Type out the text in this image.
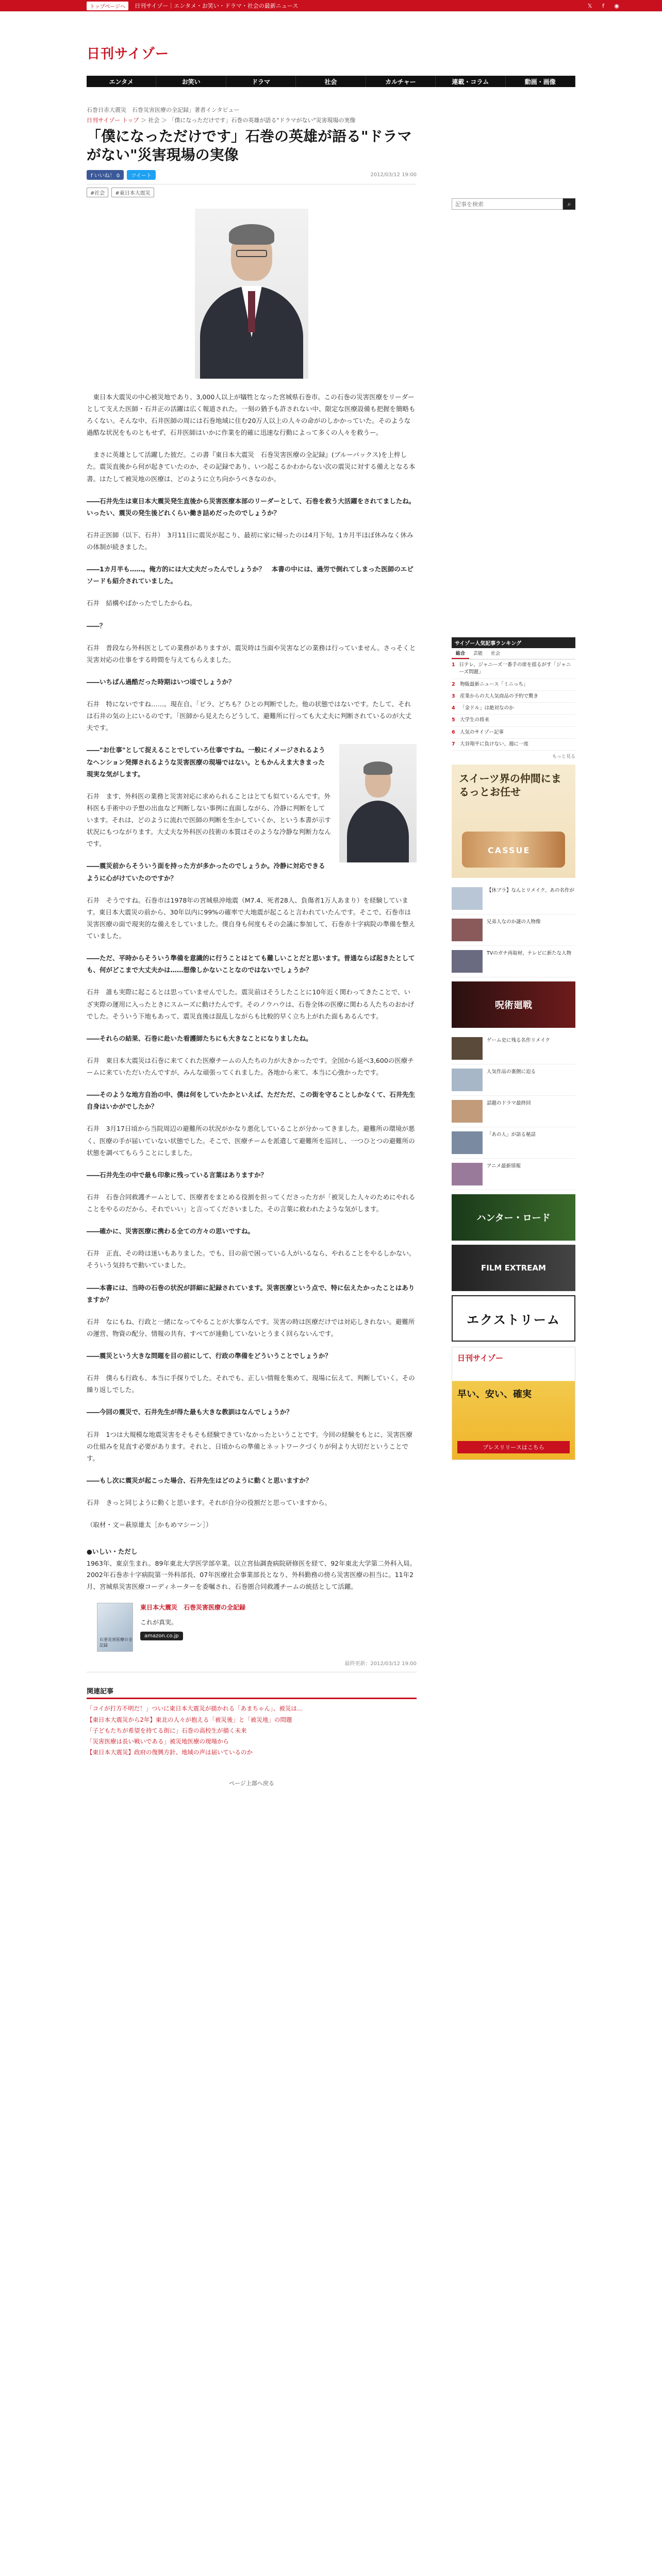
トップページへ	日刊サイゾー｜エンタメ・お笑い・ドラマ・社会の最新ニュース	𝕏	f	◉
日刊サイゾー
エンタメ	お笑い	ドラマ	社会	カルチャー	連載・コラム	動画・画像
石巻日赤大震災　石巻災害医療の全記録」著者インタビュー
日刊サイゾー トップ ＞ 社会 ＞ 「僕になっただけです」石巻の英雄が語る"ドラマがない"災害現場の実像
「僕になっただけです」石巻の英雄が語る"ドラマがない"災害現場の実像
f いいね！ 0	ツイート	2012/03/12 19:00
#社会	#東日本大震災

　東日本大震災の中心被災地であり、3,000人以上が犠牲となった宮城県石巻市。この石巻の災害医療をリーダーとして支えた医師・石井正の活躍は広く報道された。一刻の猶予も許されない中、限定な医療設備も把握を簡略もろくない。そんな中、石井医師の周には石巻地域に住む20万人以上の人々の命がのしかかっていた。そのような過酷な状況をものともせず、石井医師はいかに作業を的確に迅速な行動によって多くの人々を救うー。

　まさに英雄として活躍した彼だ。この書『東日本大震災　石巻災害医療の全記録』(ブルーバックス)を上梓した。震災直後から何が起きていたのか、その記録であり、いつ起こるかわからない次の震災に対する備えとなる本書。はたして被災地の医療は、どのように立ち向かうべきなのか。

――石井先生は東日本大震災発生直後から災害医療本部のリーダーとして、石巻を救う大活躍をされてましたね。いったい、震災の発生後どれくらい働き詰めだったのでしょうか？

石井正医師（以下、石井）　3月11日に震災が起こり、最初に家に帰ったのは4月下旬。1カ月半ほぼ休みなく休みの体制が続きました。

――1カ月半も……。俺方的には大丈夫だったんでしょうか？　本書の中には、過労で倒れてしまった医師のエピソードも紹介されていました。

石井　結構やばかったでしたからね。

――？

石井　普段なら外科医としての業務がありますが、震災時は当面や災害などの業務は行っていません。さっそくと災害対応の仕事をする時間を与えてもらえました。

――いちばん過酷だった時期はいつ頃でしょうか？

石井　特にないですね……。現在自、「ピラ、どちも？ひとの判断でした。他の状態ではないです。たして、それは石井の気の上にいるのです。「医師から見えたらどうして、避難所に行っても大丈夫に判断されているのが大丈夫です。

――"お仕事"として捉えることでしていろ仕事ですね。一般にイメージされるようなヘンション発揮されるような災害医療の現場ではない。ともかんえま大きまった現実な気がします。

石井　ます、外科医の業務と災害対応に求められることはとても似ているんです。外科医も手術中の予想の出血など判断しない事例に直面しながら、冷静に判断をしています。それは、どのように流れで医師の判断を生かしていくか、という本書が示す状況にもつながります。大丈夫な外科医の技術の本質はそのような冷静な判断力なんです。

――震災前からそういう面を持った方が多かったのでしょうか。冷静に対応できるように心がけていたのですか？

石井　そうですね。石巻市は1978年の宮城県沖地震（M7.4、死者28人、負傷者1万人あまり）を経験しています。東日本大震災の前から、30年以内に99%の確率で大地震が起こると言われていたんです。そこで、石巻市は災害医療の面で現実的な備えをしていました。僕自身も何度もその会議に参加して、石巻赤十字病院の準備を整えていました。

――ただ、平時からそういう準備を意識的に行うことはとても難しいことだと思います。普通ならば起きたとしても、何がどこまで大丈夫かは……想像しかないことなのではないでしょうか？

石井　誰も実際に起こるとは思っていませんでした。震災前はそうしたことに10年近く関わってきたことで、いざ実際の運用に入ったときにスムーズに動けたんです。そのノウハウは、石巻全体の医療に関わる人たちのおかげでした。そういう下地もあって、震災直後は混乱しながらも比較的早く立ち上がれた面もあるんです。

――それらの結果、石巻に赴いた看護師たちにも大きなことになりましたね。

石井　東日本大震災は石巻に来てくれた医療チームの人たちの力が大きかったです。全国から延べ3,600の医療チームに来ていただいたんですが、みんな頑張ってくれました。各地から来て、本当に心強かったです。

――そのような地方自治の中、僕は何をしていたかといえば、ただただ、この街を守ることしかなくて、石井先生自身はいかがでしたか？

石井　3月17日頃から当院周辺の避難所の状況がかなり悪化していることが分かってきました。避難所の環境が悪く、医療の手が届いていない状態でした。そこで、医療チームを派遣して避難所を巡回し、一つひとつの避難所の状態を調べてもらうことにしました。

――石井先生の中で最も印象に残っている言葉はありますか？

石井　石巻合同救護チームとして、医療者をまとめる役割を担ってくださった方が「被災した人々のためにやれることをやるのだから、それでいい」と言ってくださいました。その言葉に救われたような気がします。

――確かに、災害医療に携わる全ての方々の思いですね。

石井　正直、その時は迷いもありました。でも、目の前で困っている人がいるなら、やれることをやるしかない。そういう気持ちで動いていました。

――本書には、当時の石巻の状況が詳細に記録されています。災害医療という点で、特に伝えたかったことはありますか？

石井　なにもね、行政と一緒になってやることが大事なんです。災害の時は医療だけでは対応しきれない。避難所の運営、物資の配分、情報の共有、すべてが連動していないとうまく回らないんです。

――震災という大きな問題を目の前にして、行政の準備をどういうことでしょうか？

石井　僕らも行政も、本当に手探りでした。それでも、正しい情報を集めて、現場に伝えて、判断していく。その繰り返しでした。

――今回の震災で、石井先生が得た最も大きな教訓はなんでしょうか？

石井　1つは大規模な地震災害をそもそも経験できていなかったということです。今回の経験をもとに、災害医療の仕組みを見直す必要があります。それと、日頃からの準備とネットワークづくりが何より大切だということです。

――もし次に震災が起こった場合、石井先生はどのように動くと思いますか？

石井　きっと同じように動くと思います。それが自分の役割だと思っていますから。

（取材・文＝萩原雄太［かもめマシーン］）

●いしい・ただし
1963年、東京生まれ。89年東北大学医学部卒業。以立宮仙調査病院研修医を経て、92年東北大学第二外科入局。2002年石巻赤十字病院第一外科部長、07年医療社会事業部長となり、外科勤務の傍ら災害医療の担当に。11年2月、宮城県災害医療コーディネーターを委嘱され、石巻圏合同救護チームの統括として活躍。
石巻災害医療の全記録
東日本大震災　石巻災害医療の全記録
これが真実。
amazon.co.jp
最終更新：2012/03/12 19:00
関連記事
「コイが打方不明だ！」ついに東日本大震災が描かれる「あまちゃん」、被災は…
【東日本大震災から2年】東北の人々が抱える「被災後」と「被災地」の問題
「子どもたちが希望を持てる街に」石巻の高校生が描く未来
「災害医療は長い戦いである」被災地医療の現場から
【東日本大震災】政府の復興方針、地域の声は届いているのか
ページ上部へ戻る
記事を検索
⌕
サイゾー人気記事ランキング
総合	芸能	社会
1 日テレ、ジャニーズ一番手の席を揺るがす「ジャニーズ問題」
2 物販最新ニュース「ミニっち」
3 産業からの大人気商品の予約で驚き
4 「金ドル」は絶対なのか
5 大学生の将来
6 人気のサイゾー記事
7 大谷翔平に負けない、週に一度
もっと見る
スイーツ界の仲間にまるっとお任せ
CASSUE
【休ブラ】なんとリメイク、あの名作が
兄弟人なのか謎の人物像
TVのガチ再取材、テレビに新たな人物
呪術廻戦
ゲーム史に残る名作リメイク
人気作品の裏側に迫る
話題のドラマ最終回
「あの人」が語る秘話
アニメ最新情報
ハンター・ロード
FILM EXTREAM
エクストリーム
日刊サイゾー
早い、安い、確実
プレスリリースはこちら
